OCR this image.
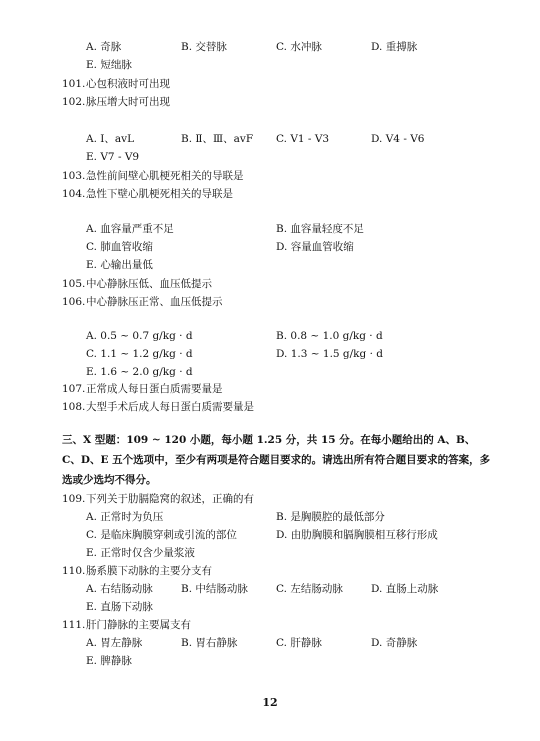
A. 奇脉	B. 交替脉	C. 水冲脉	D. 重搏脉
E. 短绌脉
101. 心包积液时可出现
102. 脉压增大时可出现
A. Ⅰ、avL	B. Ⅱ、Ⅲ、avF C. V1 - V3	D. V4 - V6
E. V7 - V9
103. 急性前间壁心肌梗死相关的导联是
104. 急性下壁心肌梗死相关的导联是
A. 血容量严重不足	B. 血容量轻度不足
C. 肺血管收缩	D. 容量血管收缩
E. 心输出量低
105. 中心静脉压低、血压低提示
106. 中心静脉压正常、血压低提示
A. 0.5 ~ 0.7 g/kg · d	B. 0.8 ~ 1.0 g/kg · d
C. 1.1 ~ 1.2 g/kg · d	D. 1.3 ~ 1.5 g/kg · d
E. 1.6 ~ 2.0 g/kg · d
107. 正常成人每日蛋白质需要量是
108. 大型手术后成人每日蛋白质需要量是
三、X 型题：109 ~ 120 小题，每小题 1.25 分，共 15 分。在每小题给出的 A、B、C、D、E 五个选项中，至少有两项是符合题目要求的。请选出所有符合题目要求的答案，多选或少选均不得分。
109. 下列关于肋膈隐窝的叙述，正确的有
A. 正常时为负压	B. 是胸膜腔的最低部分
C. 是临床胸膜穿刺或引流的部位	D. 由肋胸膜和膈胸膜相互移行形成
E. 正常时仅含少量浆液
110. 肠系膜下动脉的主要分支有
A. 右结肠动脉	B. 中结肠动脉	C. 左结肠动脉	D. 直肠上动脉
E. 直肠下动脉
111. 肝门静脉的主要属支有
A. 胃左静脉	B. 胃右静脉	C. 肝静脉	D. 奇静脉
E. 脾静脉
12
